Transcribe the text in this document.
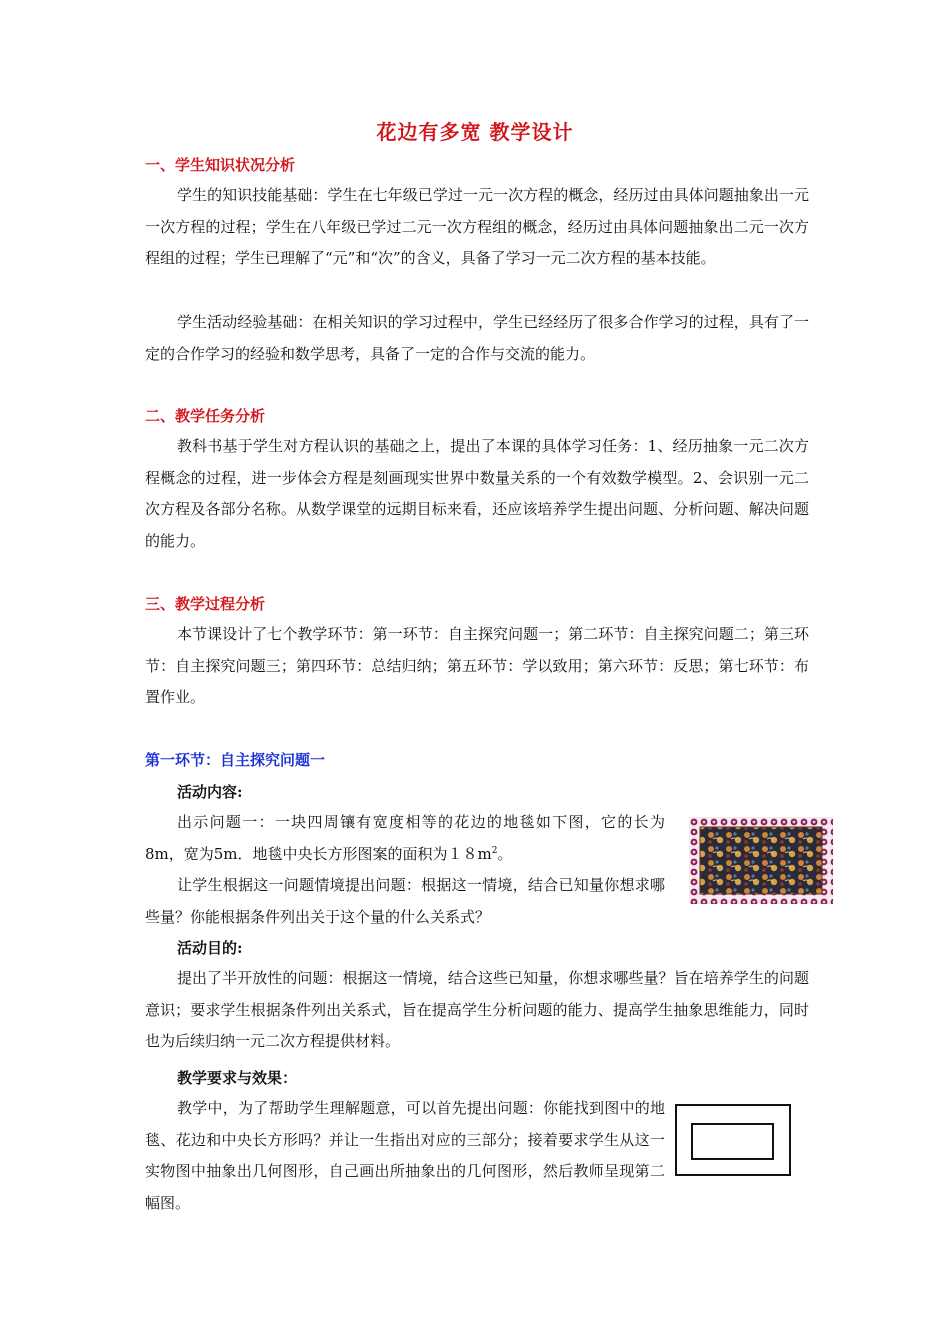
花边有多宽 教学设计
一、学生知识状况分析

学生的知识技能基础：学生在七年级已学过一元一次方程的概念，经历过由具体问题抽象出一元一次方程的过程；学生在八年级已学过二元一次方程组的概念，经历过由具体问题抽象出二元一次方程组的过程；学生已理解了“元”和“次”的含义，具备了学习一元二次方程的基本技能。

学生活动经验基础：在相关知识的学习过程中，学生已经经历了很多合作学习的过程，具有了一定的合作学习的经验和数学思考，具备了一定的合作与交流的能力。

二、教学任务分析

教科书基于学生对方程认识的基础之上，提出了本课的具体学习任务：1、经历抽象一元二次方程概念的过程，进一步体会方程是刻画现实世界中数量关系的一个有效数学模型。2、会识别一元二次方程及各部分名称。从数学课堂的远期目标来看，还应该培养学生提出问题、分析问题、解决问题的能力。

三、教学过程分析

本节课设计了七个教学环节：第一环节：自主探究问题一；第二环节：自主探究问题二；第三环节：自主探究问题三；第四环节：总结归纳；第五环节：学以致用；第六环节：反思；第七环节：布置作业。

第一环节：自主探究问题一
活动内容:

出示问题一：一块四周镶有宽度相等的花边的地毯如下图，它的长为8m，宽为5m．地毯中央长方形图案的面积为$18m^2$。

让学生根据这一问题情境提出问题：根据这一情境，结合已知量你想求哪些量？你能根据条件列出关于这个量的什么关系式？

活动目的:

提出了半开放性的问题：根据这一情境，结合这些已知量，你想求哪些量？旨在培养学生的问题意识；要求学生根据条件列出关系式，旨在提高学生分析问题的能力、提高学生抽象思维能力，同时也为后续归纳一元二次方程提供材料。

教学要求与效果：

教学中，为了帮助学生理解题意，可以首先提出问题：你能找到图中的地毯、花边和中央长方形吗？并让一生指出对应的三部分；接着要求学生从这一实物图中抽象出几何图形，自己画出所抽象出的几何图形，然后教师呈现第二幅图。
